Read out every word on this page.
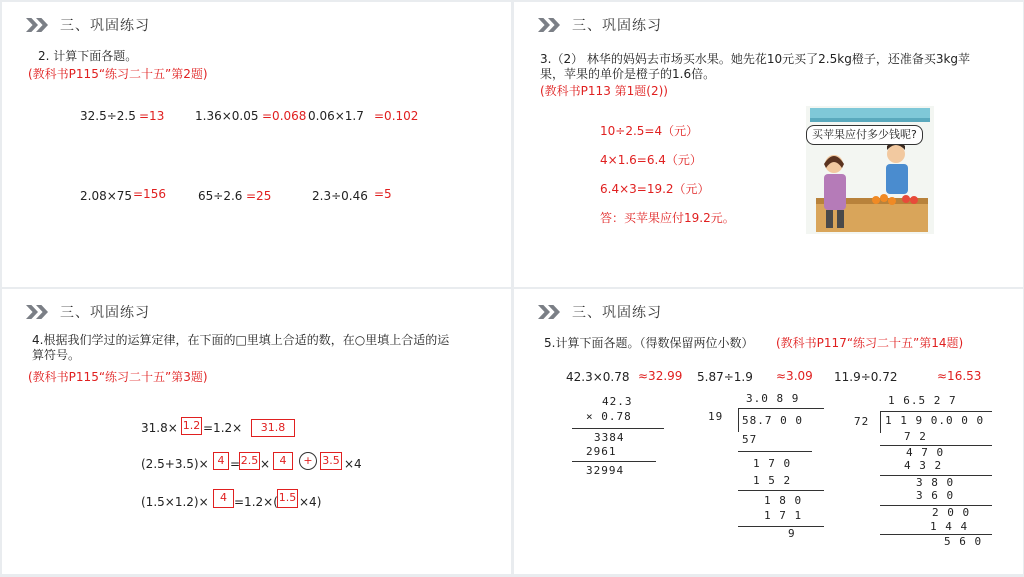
三、巩固练习
2. 计算下面各题。
(教科书P115“练习二十五”第2题)
32.5÷2.5 =13	1.36×0.05 =0.068 0.06×1.7 =0.102
2.08×75 =156	65÷2.6 =25	2.3÷0.46 =5
三、巩固练习
3.（2） 林华的妈妈去市场买水果。她先花10元买了2.5kg橙子，还准备买3kg苹
果，苹果的单价是橙子的1.6倍。
(教科书P113 第1题(2))
10÷2.5=4（元）
4×1.6=6.4（元）
6.4×3=19.2（元）
答：买苹果应付19.2元。
买苹果应付多少钱呢?
三、巩固练习
4.根据我们学过的运算定律，在下面的□里填上合适的数，在○里填上合适的运
算符号。
(教科书P115“练习二十五”第3题)
31.8× 1.2 =1.2×	31.8
(2.5+3.5)× 4 = 2.5 × 4	+ 3.5 ×4
(1.5×1.2)×	4 =1.2×( 1.5 ×4)
三、巩固练习
5.计算下面各题。（得数保留两位小数） (教科书P117“练习二十五”第14题)
42.3×0.78 ≈32.99 5.87÷1.9 ≈3.09 11.9÷0.72	≈16.53
42.3
× 0.78
3384
2961
32994
3.0 8 9
19 58.7 0 0
57
1 7 0
1 5 2
1 8 0
1 7 1
9
1 6.5 2 7
72 1 1 9 0.0 0 0
7 2
4 7 0
4 3 2
3 8 0
3 6 0
2 0 0
1 4 4
5 6 0
